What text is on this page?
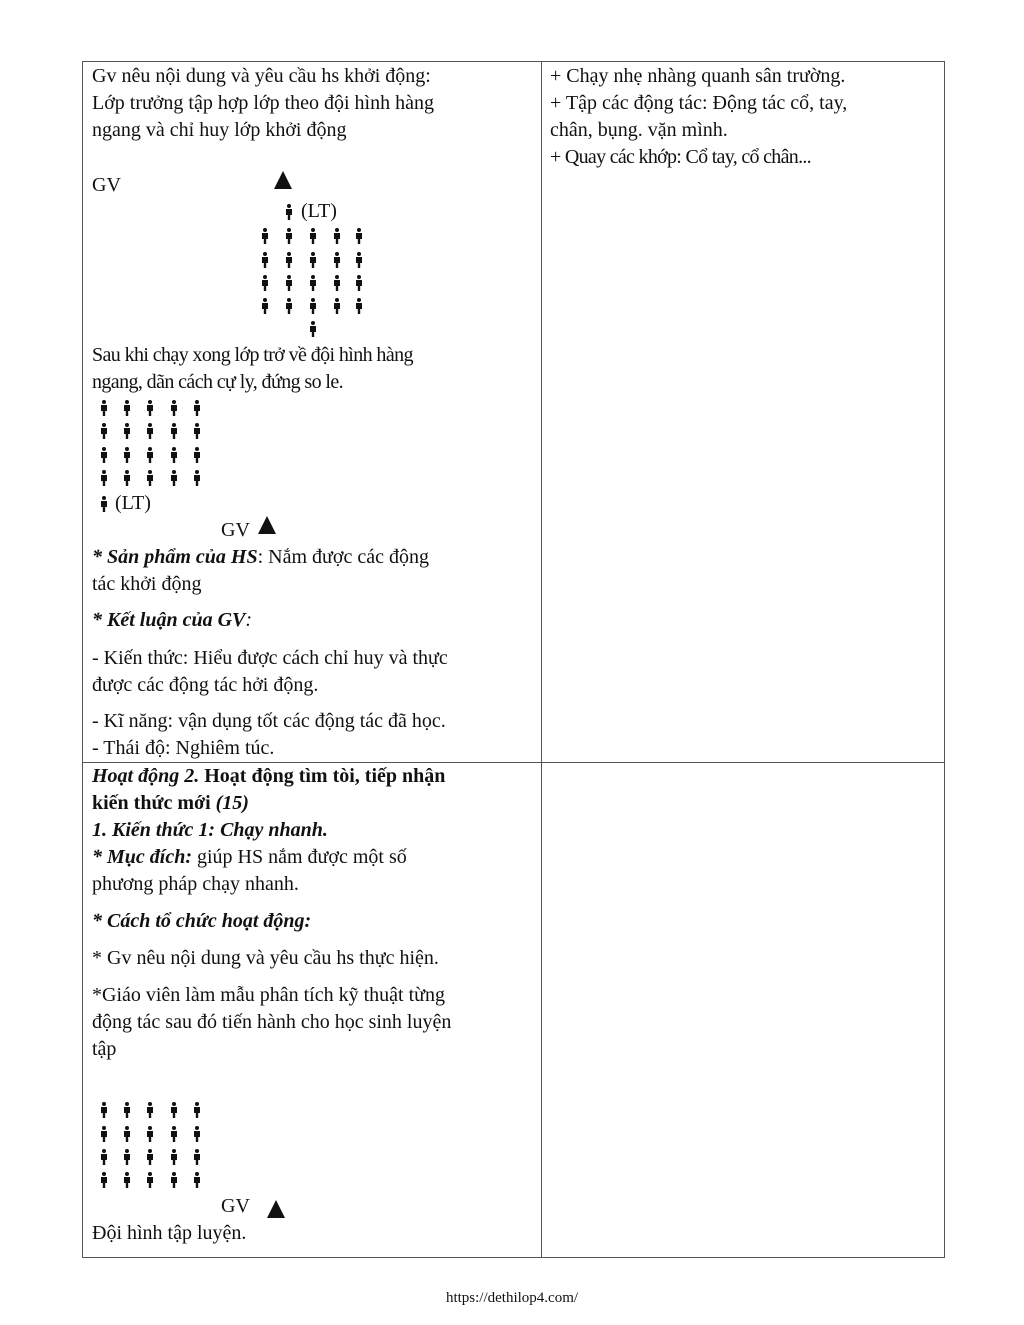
Gv nêu nội dung và yêu cầu hs khởi động:
Lớp trưởng tập hợp lớp theo đội hình hàng
ngang và chỉ huy lớp khởi động
GV
(LT)
Sau khi chạy xong lớp trở về đội hình hàng
ngang, dãn cách cự ly, đứng so le.
(LT)
GV
* Sản phẩm của HS: Nắm được các động
tác khởi động
* Kết luận của GV:
- Kiến thức: Hiểu được cách chỉ huy và thực
được các động tác hởi động.
- Kĩ năng: vận dụng tốt các động tác đã học.
- Thái độ: Nghiêm túc.
+ Chạy nhẹ nhàng quanh sân trường.
+ Tập các động tác: Động tác cổ, tay,
chân, bụng. vặn mình.
+ Quay các khớp: Cổ tay, cổ chân...
Hoạt động 2. Hoạt động tìm tòi, tiếp nhận
kiến thức mới (15)
1. Kiến thức 1: Chạy nhanh.
* Mục đích: giúp HS nắm được một số
phương pháp chạy nhanh.
* Cách tổ chức hoạt động:
* Gv nêu nội dung và yêu cầu hs thực hiện.
*Giáo viên làm mẫu phân tích kỹ thuật từng
động tác sau đó tiến hành cho học sinh luyện
tập
GV
Đội hình tập luyện.
https://dethilop4.com/
